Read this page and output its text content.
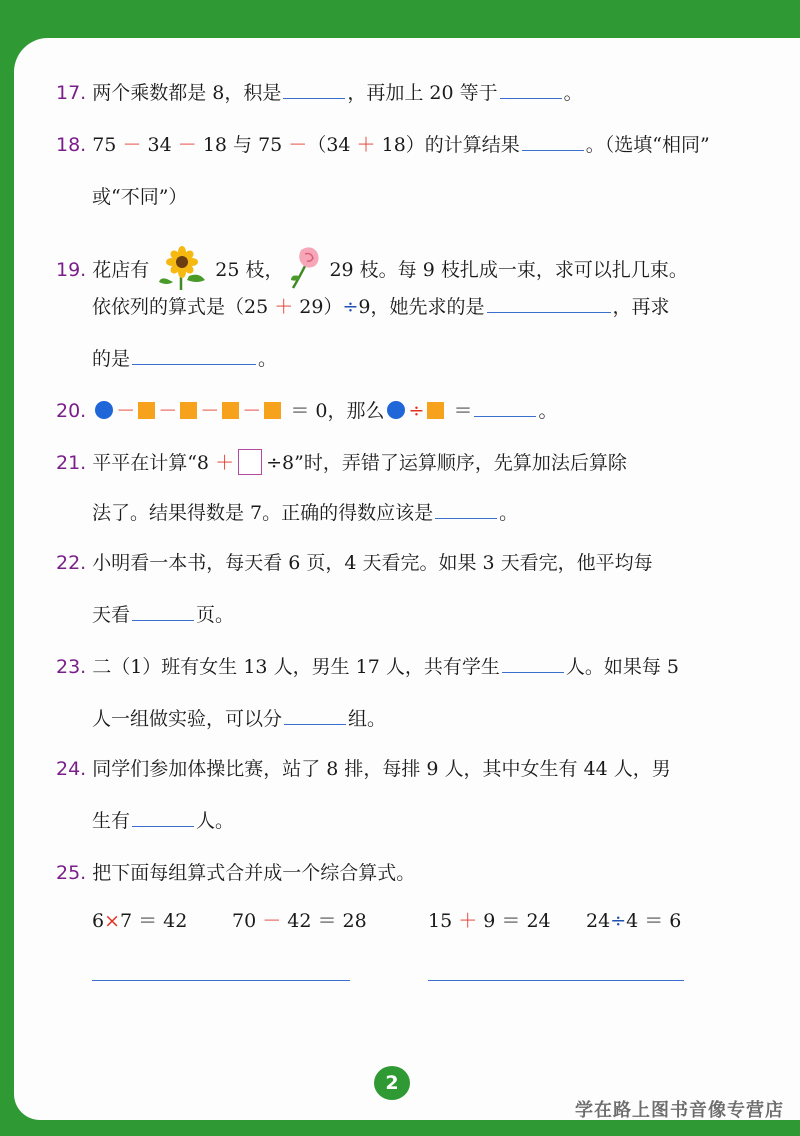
17. 两个乘数都是 8，积是	，再加上 20 等于	。
18. 75 － 34 － 18 与 75 －（34 ＋ 18）的计算结果	。（选填“相同”
或“不同”）
19. 花店有	25 枝， 29 枝。每 9 枝扎成一束，求可以扎几束。
依依列的算式是（25 ＋ 29）÷9，她先求的是	，再求
的是	。
20. － － － － ＝ 0，那么 ÷ ＝	。
21. 平平在计算“8 ＋ ÷8”时，弄错了运算顺序，先算加法后算除
法了。结果得数是 7。正确的得数应该是	。
22. 小明看一本书，每天看 6 页，4 天看完。如果 3 天看完，他平均每
天看	页。
23. 二（1）班有女生 13 人，男生 17 人，共有学生	人。如果每 5
人一组做实验，可以分	组。
24. 同学们参加体操比赛，站了 8 排，每排 9 人，其中女生有 44 人，男
生有	人。
25. 把下面每组算式合并成一个综合算式。
6×7 ＝ 42 70 － 42 ＝ 28	15 ＋ 9 ＝ 24 24÷4 ＝ 6
2
学在路上图书音像专营店
